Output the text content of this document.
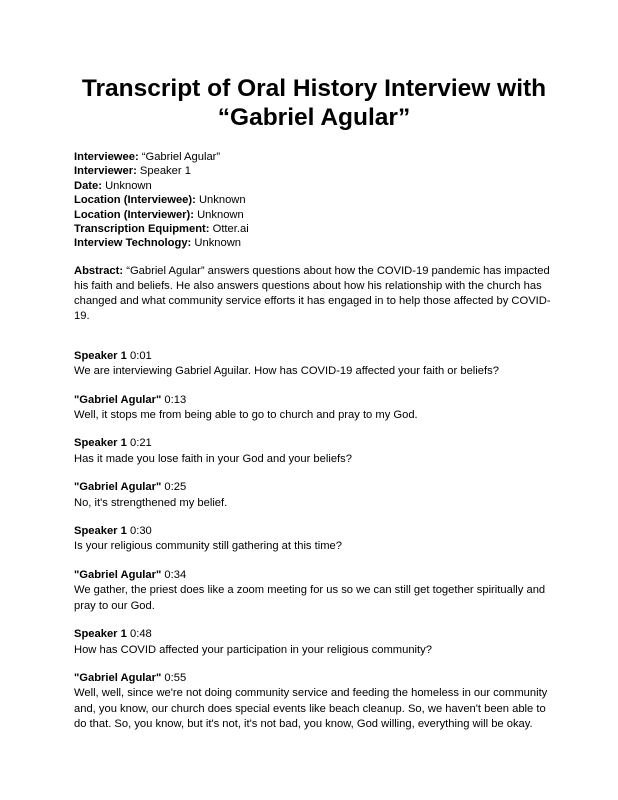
Transcript of Oral History Interview with
“Gabriel Agular”
Interviewee: “Gabriel Agular”
Interviewer: Speaker 1
Date: Unknown
Location (Interviewee): Unknown
Location (Interviewer): Unknown
Transcription Equipment: Otter.ai
Interview Technology: Unknown

Abstract: “Gabriel Agular” answers questions about how the COVID-19 pandemic has impacted his faith and beliefs. He also answers questions about how his relationship with the church has changed and what community service efforts it has engaged in to help those affected by COVID-19.

Speaker 1 0:01
We are interviewing Gabriel Aguilar. How has COVID-19 affected your faith or beliefs?
"Gabriel Agular" 0:13
Well, it stops me from being able to go to church and pray to my God.
Speaker 1 0:21
Has it made you lose faith in your God and your beliefs?
"Gabriel Agular" 0:25
No, it's strengthened my belief.
Speaker 1 0:30
Is your religious community still gathering at this time?
"Gabriel Agular" 0:34
We gather, the priest does like a zoom meeting for us so we can still get together spiritually and pray to our God.
Speaker 1 0:48
How has COVID affected your participation in your religious community?
"Gabriel Agular" 0:55
Well, well, since we're not doing community service and feeding the homeless in our community and, you know, our church does special events like beach cleanup. So, we haven't been able to do that. So, you know, but it's not, it's not bad, you know, God willing, everything will be okay.
